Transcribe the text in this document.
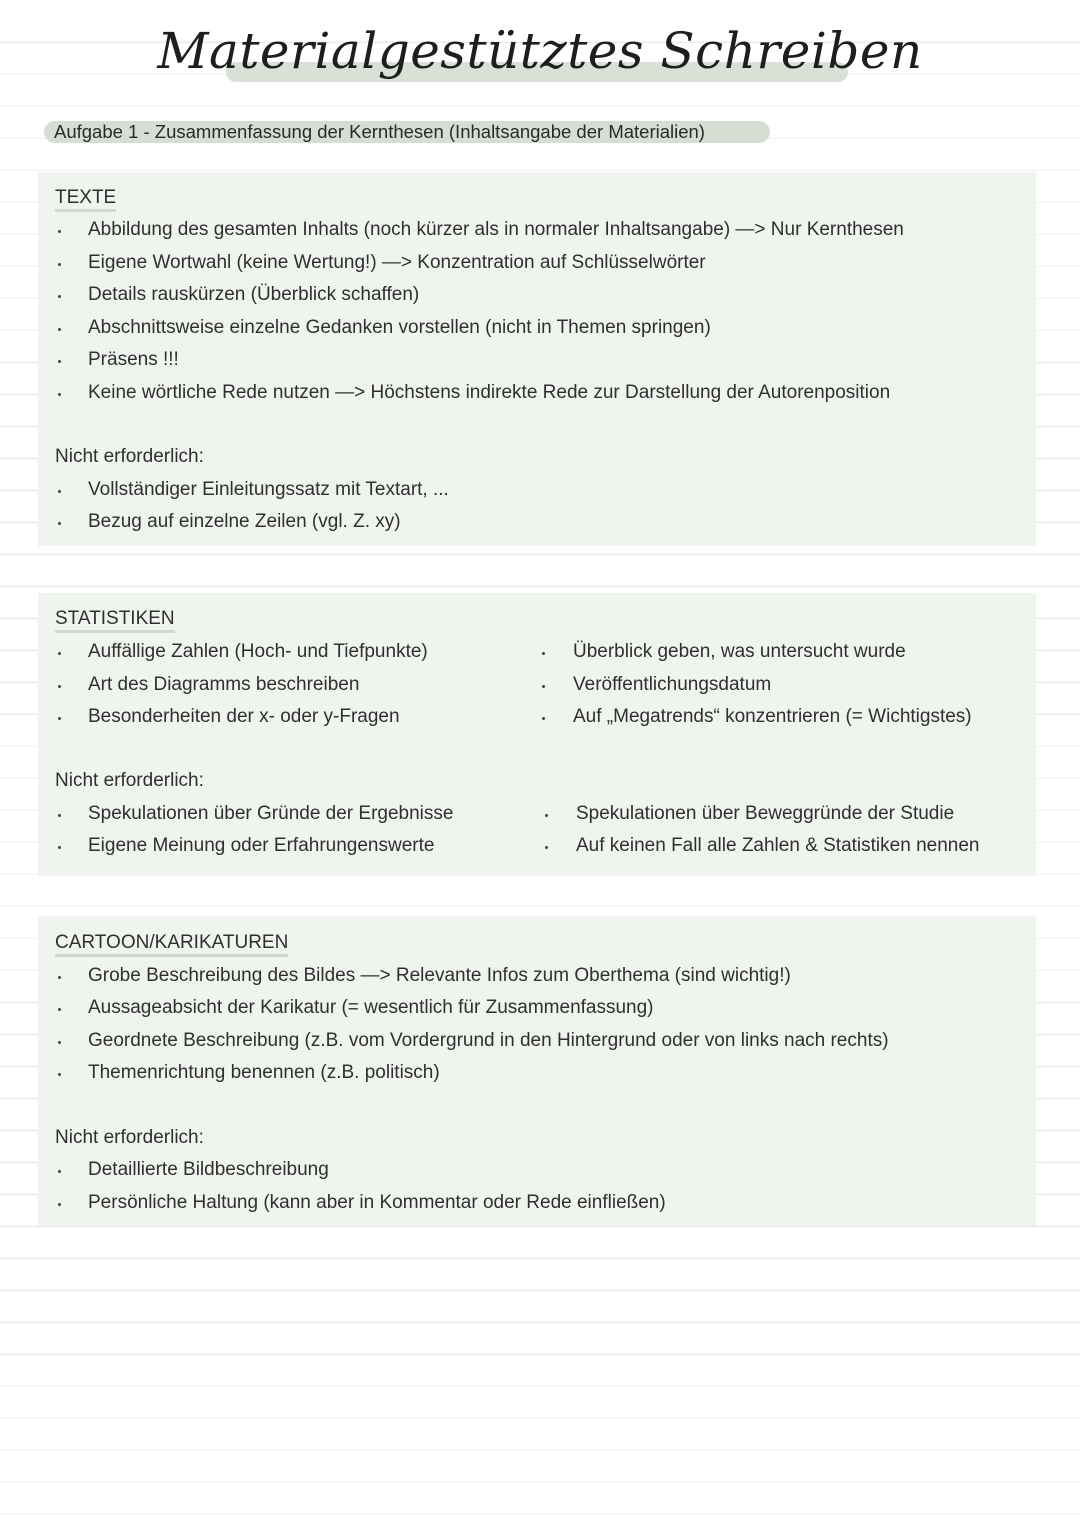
Materialgestütztes Schreiben
Aufgabe 1 - Zusammenfassung der Kernthesen (Inhaltsangabe der Materialien)
TEXTE
Abbildung des gesamten Inhalts (noch kürzer als in normaler Inhaltsangabe) —> Nur Kernthesen
Eigene Wortwahl (keine Wertung!) —> Konzentration auf Schlüsselwörter
Details rauskürzen (Überblick schaffen)
Abschnittsweise einzelne Gedanken vorstellen (nicht in Themen springen)
Präsens !!!
Keine wörtliche Rede nutzen —> Höchstens indirekte Rede zur Darstellung der Autorenposition
Nicht erforderlich:
Vollständiger Einleitungssatz mit Textart, ...
Bezug auf einzelne Zeilen (vgl. Z. xy)
STATISTIKEN
Auffällige Zahlen (Hoch- und Tiefpunkte)
Art des Diagramms beschreiben
Besonderheiten der x- oder y-Fragen
Überblick geben, was untersucht wurde
Veröffentlichungsdatum
Auf „Megatrends“ konzentrieren (= Wichtigstes)
Nicht erforderlich:
Spekulationen über Gründe der Ergebnisse
Eigene Meinung oder Erfahrungenswerte
Spekulationen über Beweggründe der Studie
Auf keinen Fall alle Zahlen & Statistiken nennen
CARTOON/KARIKATUREN
Grobe Beschreibung des Bildes —> Relevante Infos zum Oberthema (sind wichtig!)
Aussageabsicht der Karikatur (= wesentlich für Zusammenfassung)
Geordnete Beschreibung (z.B. vom Vordergrund in den Hintergrund oder von links nach rechts)
Themenrichtung benennen (z.B. politisch)
Nicht erforderlich:
Detaillierte Bildbeschreibung
Persönliche Haltung (kann aber in Kommentar oder Rede einfließen)
